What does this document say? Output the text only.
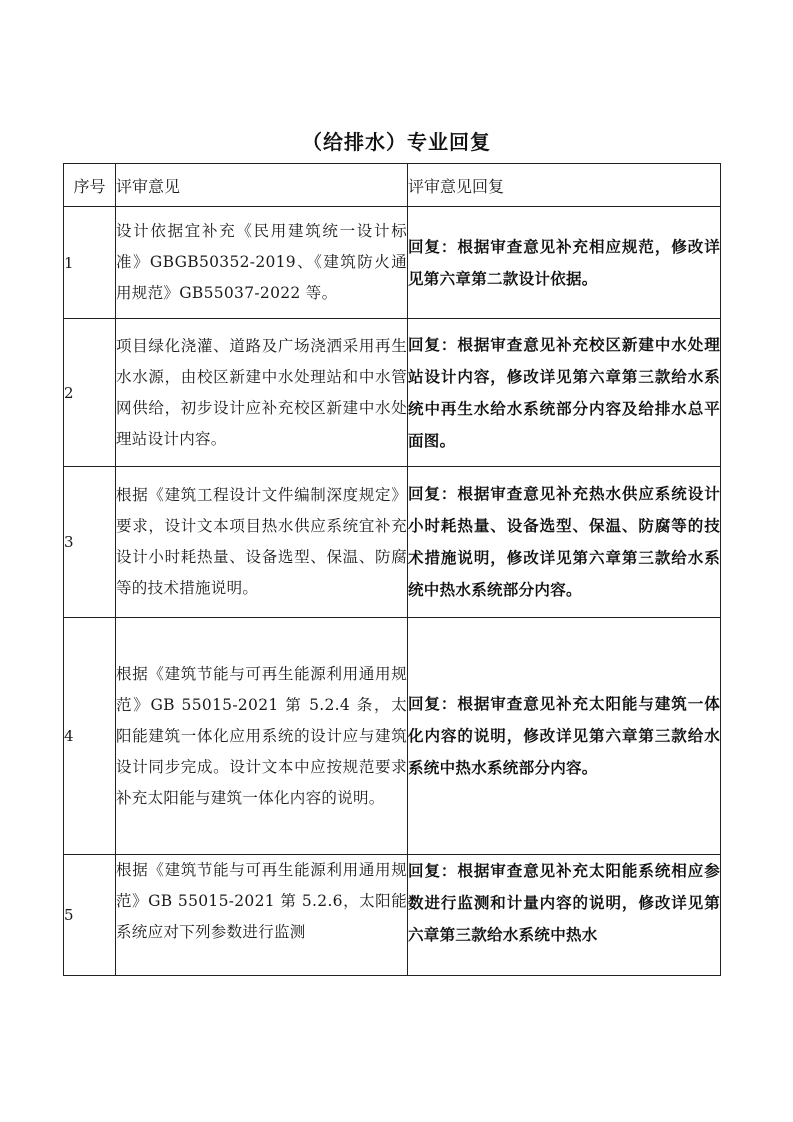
（给排水）专业回复
序号	评审意见	评审意见回复
1	设计依据宜补充《民用建筑统一设计标准》GBGB50352-2019、《建筑防火通用规范》GB55037-2022 等。	回复：根据审查意见补充相应规范，修改详见第六章第二款设计依据。
2	项目绿化浇灌、道路及广场浇洒采用再生水水源，由校区新建中水处理站和中水管网供给，初步设计应补充校区新建中水处理站设计内容。	回复：根据审查意见补充校区新建中水处理站设计内容，修改详见第六章第三款给水系统中再生水给水系统部分内容及给排水总平面图。
3	根据《建筑工程设计文件编制深度规定》要求，设计文本项目热水供应系统宜补充设计小时耗热量、设备选型、保温、防腐等的技术措施说明。	回复：根据审查意见补充热水供应系统设计小时耗热量、设备选型、保温、防腐等的技术措施说明，修改详见第六章第三款给水系统中热水系统部分内容。
4	根据《建筑节能与可再生能源利用通用规范》GB 55015-2021 第 5.2.4 条，太阳能建筑一体化应用系统的设计应与建筑设计同步完成。设计文本中应按规范要求补充太阳能与建筑一体化内容的说明。	回复：根据审查意见补充太阳能与建筑一体化内容的说明，修改详见第六章第三款给水系统中热水系统部分内容。
5	根据《建筑节能与可再生能源利用通用规范》GB 55015-2021 第 5.2.6，太阳能系统应对下列参数进行监测	回复：根据审查意见补充太阳能系统相应参数进行监测和计量内容的说明，修改详见第六章第三款给水系统中热水
